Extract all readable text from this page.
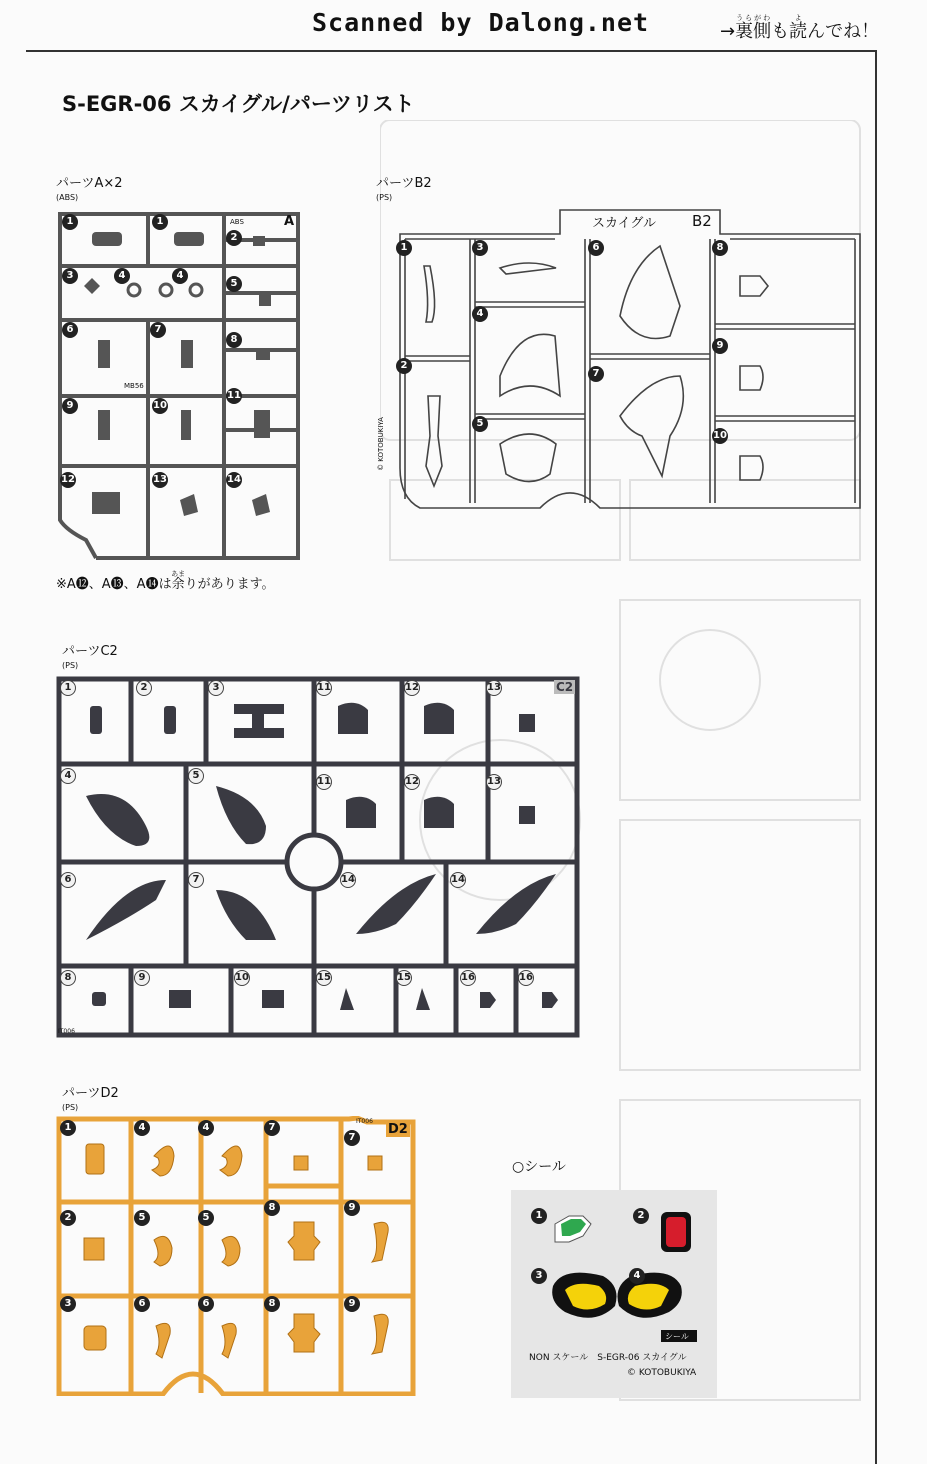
Scanned by Dalong.net	→裏うら側がわも読よんでね！
S-EGR-06 スカイグル/パーツリスト
パーツA×2
(ABS)
ABS	A
MB56
1	1
2
3	4	4
5
6	7
8
9	10
11
12	13	14
※A⓬、A⓭、A⓮は余あまりがあります。
パーツB2
(PS)
スカイグル B2
© KOTOBUKIYA
1
2
3
4
5
6
7
8
9
10
パーツC2
(PS)
C2
IT006
1	2	3	11	12	13
4	5
11	12	13
6	7	14	14
8	9	10	15	15	16	16
パーツD2
(PS)
D2
IT006
1	4	4	7
7
2	5	5
8	9
3	6	6	8	9
○シール
1	2
3	4
シール
NON スケール　S-EGR-06 スカイグル
© KOTOBUKIYA
